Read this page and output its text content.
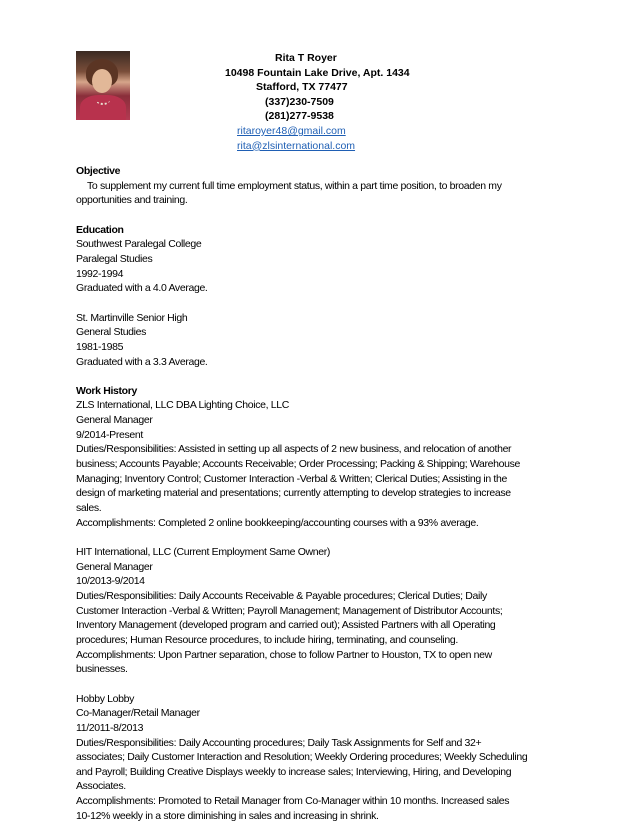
Rita T Royer
10498 Fountain Lake Drive, Apt. 1434
Stafford, TX 77477
(337)230-7509
(281)277-9538
ritaroyer48@gmail.com
rita@zlsinternational.com

Objective

To supplement my current full time employment status, within a part time position, to broaden my

opportunities and training.

Education

Southwest Paralegal College

Paralegal Studies

1992-1994

Graduated with a 4.0 Average.

St. Martinville Senior High

General Studies

1981-1985

Graduated with a 3.3 Average.

Work History

ZLS International, LLC DBA Lighting Choice, LLC

General Manager

9/2014-Present

Duties/Responsibilities: Assisted in setting up all aspects of 2 new business, and relocation of another

business; Accounts Payable; Accounts Receivable; Order Processing; Packing & Shipping; Warehouse

Managing; Inventory Control; Customer Interaction -Verbal & Written; Clerical Duties; Assisting in the

design of marketing material and presentations; currently attempting to develop strategies to increase

sales.

Accomplishments: Completed 2 online bookkeeping/accounting courses with a 93% average.

HIT International, LLC (Current Employment Same Owner)

General Manager

10/2013-9/2014

Duties/Responsibilities: Daily Accounts Receivable & Payable procedures; Clerical Duties; Daily

Customer Interaction -Verbal & Written; Payroll Management; Management of Distributor Accounts;

Inventory Management (developed program and carried out); Assisted Partners with all Operating

procedures; Human Resource procedures, to include hiring, terminating, and counseling.

Accomplishments: Upon Partner separation, chose to follow Partner to Houston, TX to open new

businesses.

Hobby Lobby

Co-Manager/Retail Manager

11/2011-8/2013

Duties/Responsibilities: Daily Accounting procedures; Daily Task Assignments for Self and 32+

associates; Daily Customer Interaction and Resolution; Weekly Ordering procedures; Weekly Scheduling

and Payroll; Building Creative Displays weekly to increase sales; Interviewing, Hiring, and Developing

Associates.

Accomplishments: Promoted to Retail Manager from Co-Manager within 10 months. Increased sales

10-12% weekly in a store diminishing in sales and increasing in shrink.
